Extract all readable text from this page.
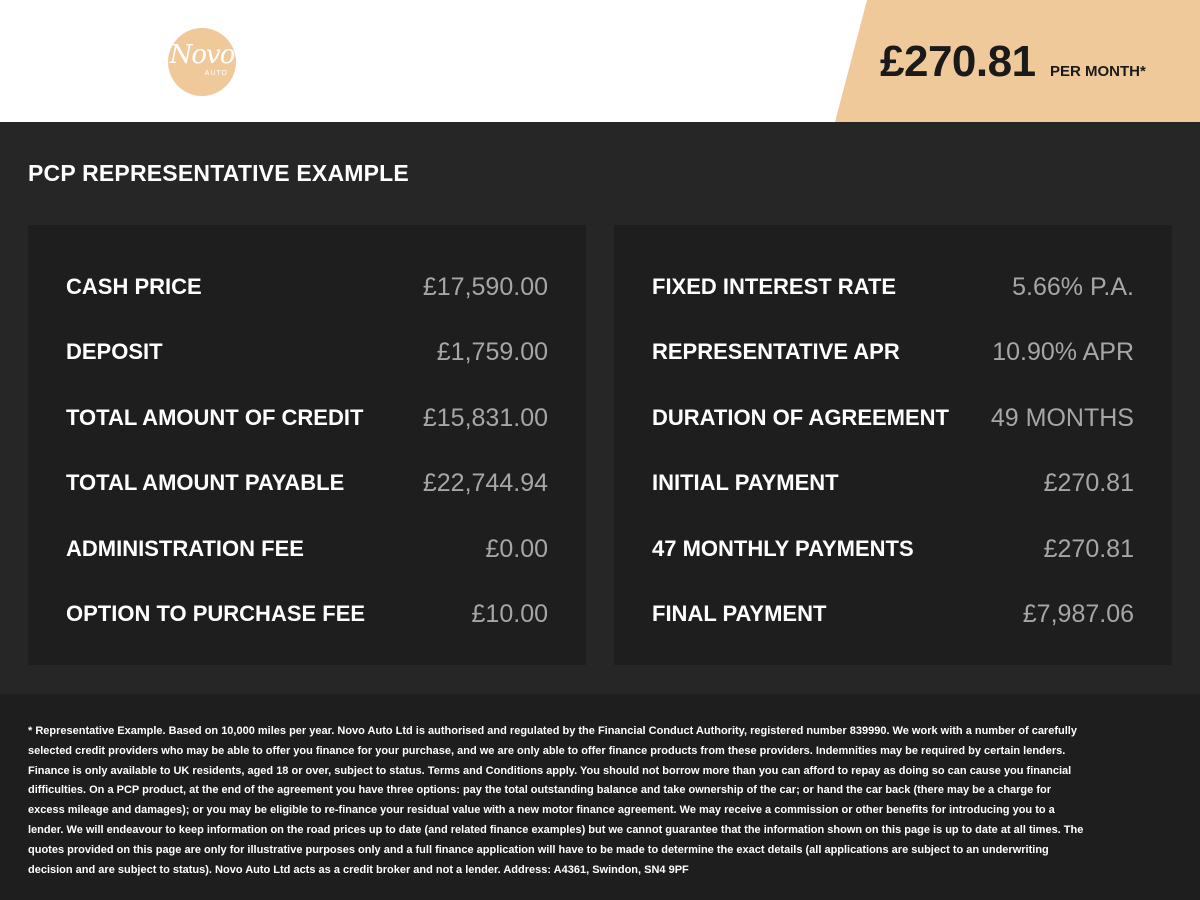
Novo
AUTO	£270.81 PER MONTH*
PCP REPRESENTATIVE EXAMPLE
CASH PRICE	£17,590.00
DEPOSIT	£1,759.00
TOTAL AMOUNT OF CREDIT £15,831.00
TOTAL AMOUNT PAYABLE	£22,744.94
ADMINISTRATION FEE	£0.00
OPTION TO PURCHASE FEE	£10.00
FIXED INTEREST RATE	5.66% P.A.
REPRESENTATIVE APR	10.90% APR
DURATION OF AGREEMENT 49 MONTHS
INITIAL PAYMENT	£270.81
47 MONTHLY PAYMENTS	£270.81
FINAL PAYMENT	£7,987.06

* Representative Example. Based on 10,000 miles per year. Novo Auto Ltd is authorised and regulated by the Financial Conduct Authority, registered number 839990. We work with a number of carefully selected credit providers who may be able to offer you finance for your purchase, and we are only able to offer finance products from these providers. Indemnities may be required by certain lenders. Finance is only available to UK residents, aged 18 or over, subject to status. Terms and Conditions apply. You should not borrow more than you can afford to repay as doing so can cause you financial difficulties. On a PCP product, at the end of the agreement you have three options: pay the total outstanding balance and take ownership of the car; or hand the car back (there may be a charge for excess mileage and damages); or you may be eligible to re-finance your residual value with a new motor finance agreement. We may receive a commission or other benefits for introducing you to a lender. We will endeavour to keep information on the road prices up to date (and related finance examples) but we cannot guarantee that the information shown on this page is up to date at all times. The quotes provided on this page are only for illustrative purposes only and a full finance application will have to be made to determine the exact details (all applications are subject to an underwriting decision and are subject to status). Novo Auto Ltd acts as a credit broker and not a lender. Address: A4361, Swindon, SN4 9PF
